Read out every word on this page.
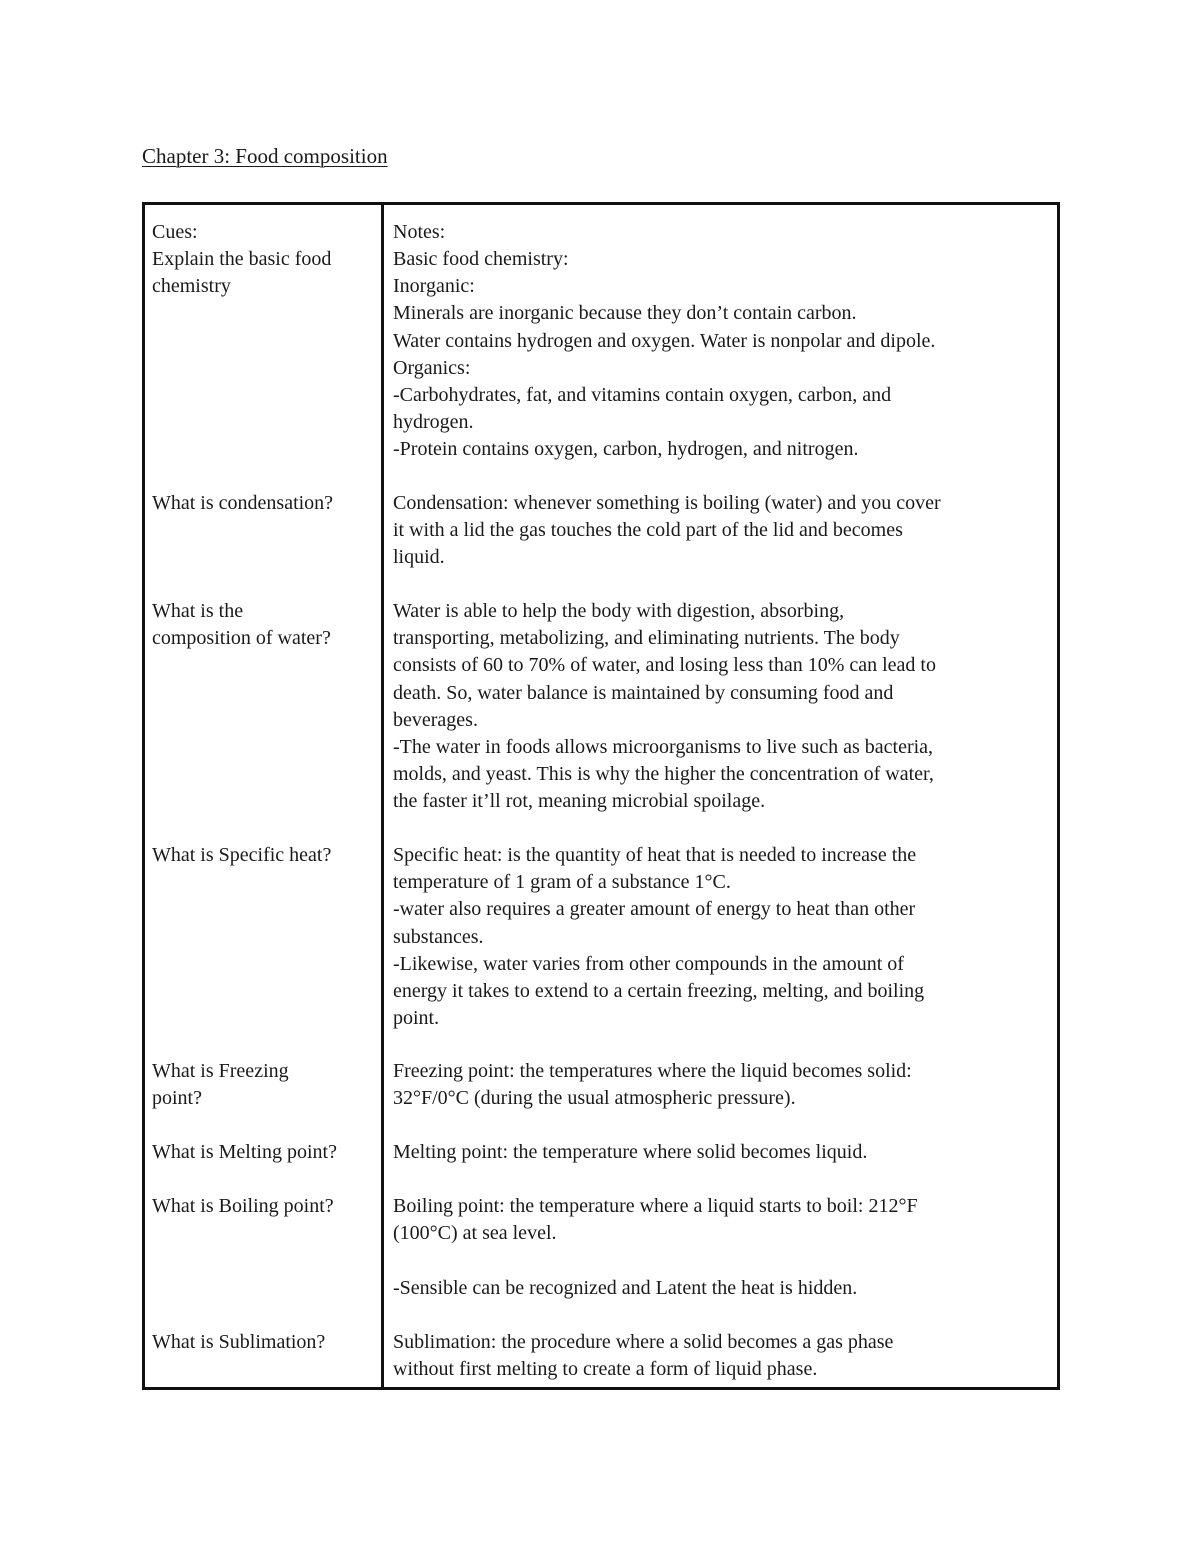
Chapter 3: Food composition
Cues:
Explain the basic food
chemistry
What is condensation?
What is the
composition of water?
What is Specific heat?
What is Freezing
point?
What is Melting point?
What is Boiling point?
What is Sublimation?
Notes:
Basic food chemistry:
Inorganic:
Minerals are inorganic because they don’t contain carbon.
Water contains hydrogen and oxygen. Water is nonpolar and dipole.
Organics:
-Carbohydrates, fat, and vitamins contain oxygen, carbon, and
hydrogen.
-Protein contains oxygen, carbon, hydrogen, and nitrogen.
Condensation: whenever something is boiling (water) and you cover
it with a lid the gas touches the cold part of the lid and becomes
liquid.
Water is able to help the body with digestion, absorbing,
transporting, metabolizing, and eliminating nutrients. The body
consists of 60 to 70% of water, and losing less than 10% can lead to
death. So, water balance is maintained by consuming food and
beverages.
-The water in foods allows microorganisms to live such as bacteria,
molds, and yeast. This is why the higher the concentration of water,
the faster it’ll rot, meaning microbial spoilage.
Specific heat: is the quantity of heat that is needed to increase the
temperature of 1 gram of a substance 1°C.
-water also requires a greater amount of energy to heat than other
substances.
-Likewise, water varies from other compounds in the amount of
energy it takes to extend to a certain freezing, melting, and boiling
point.
Freezing point: the temperatures where the liquid becomes solid:
32°F/0°C (during the usual atmospheric pressure).
Melting point: the temperature where solid becomes liquid.
Boiling point: the temperature where a liquid starts to boil: 212°F
(100°C) at sea level.
-Sensible can be recognized and Latent the heat is hidden.
Sublimation: the procedure where a solid becomes a gas phase
without first melting to create a form of liquid phase.
